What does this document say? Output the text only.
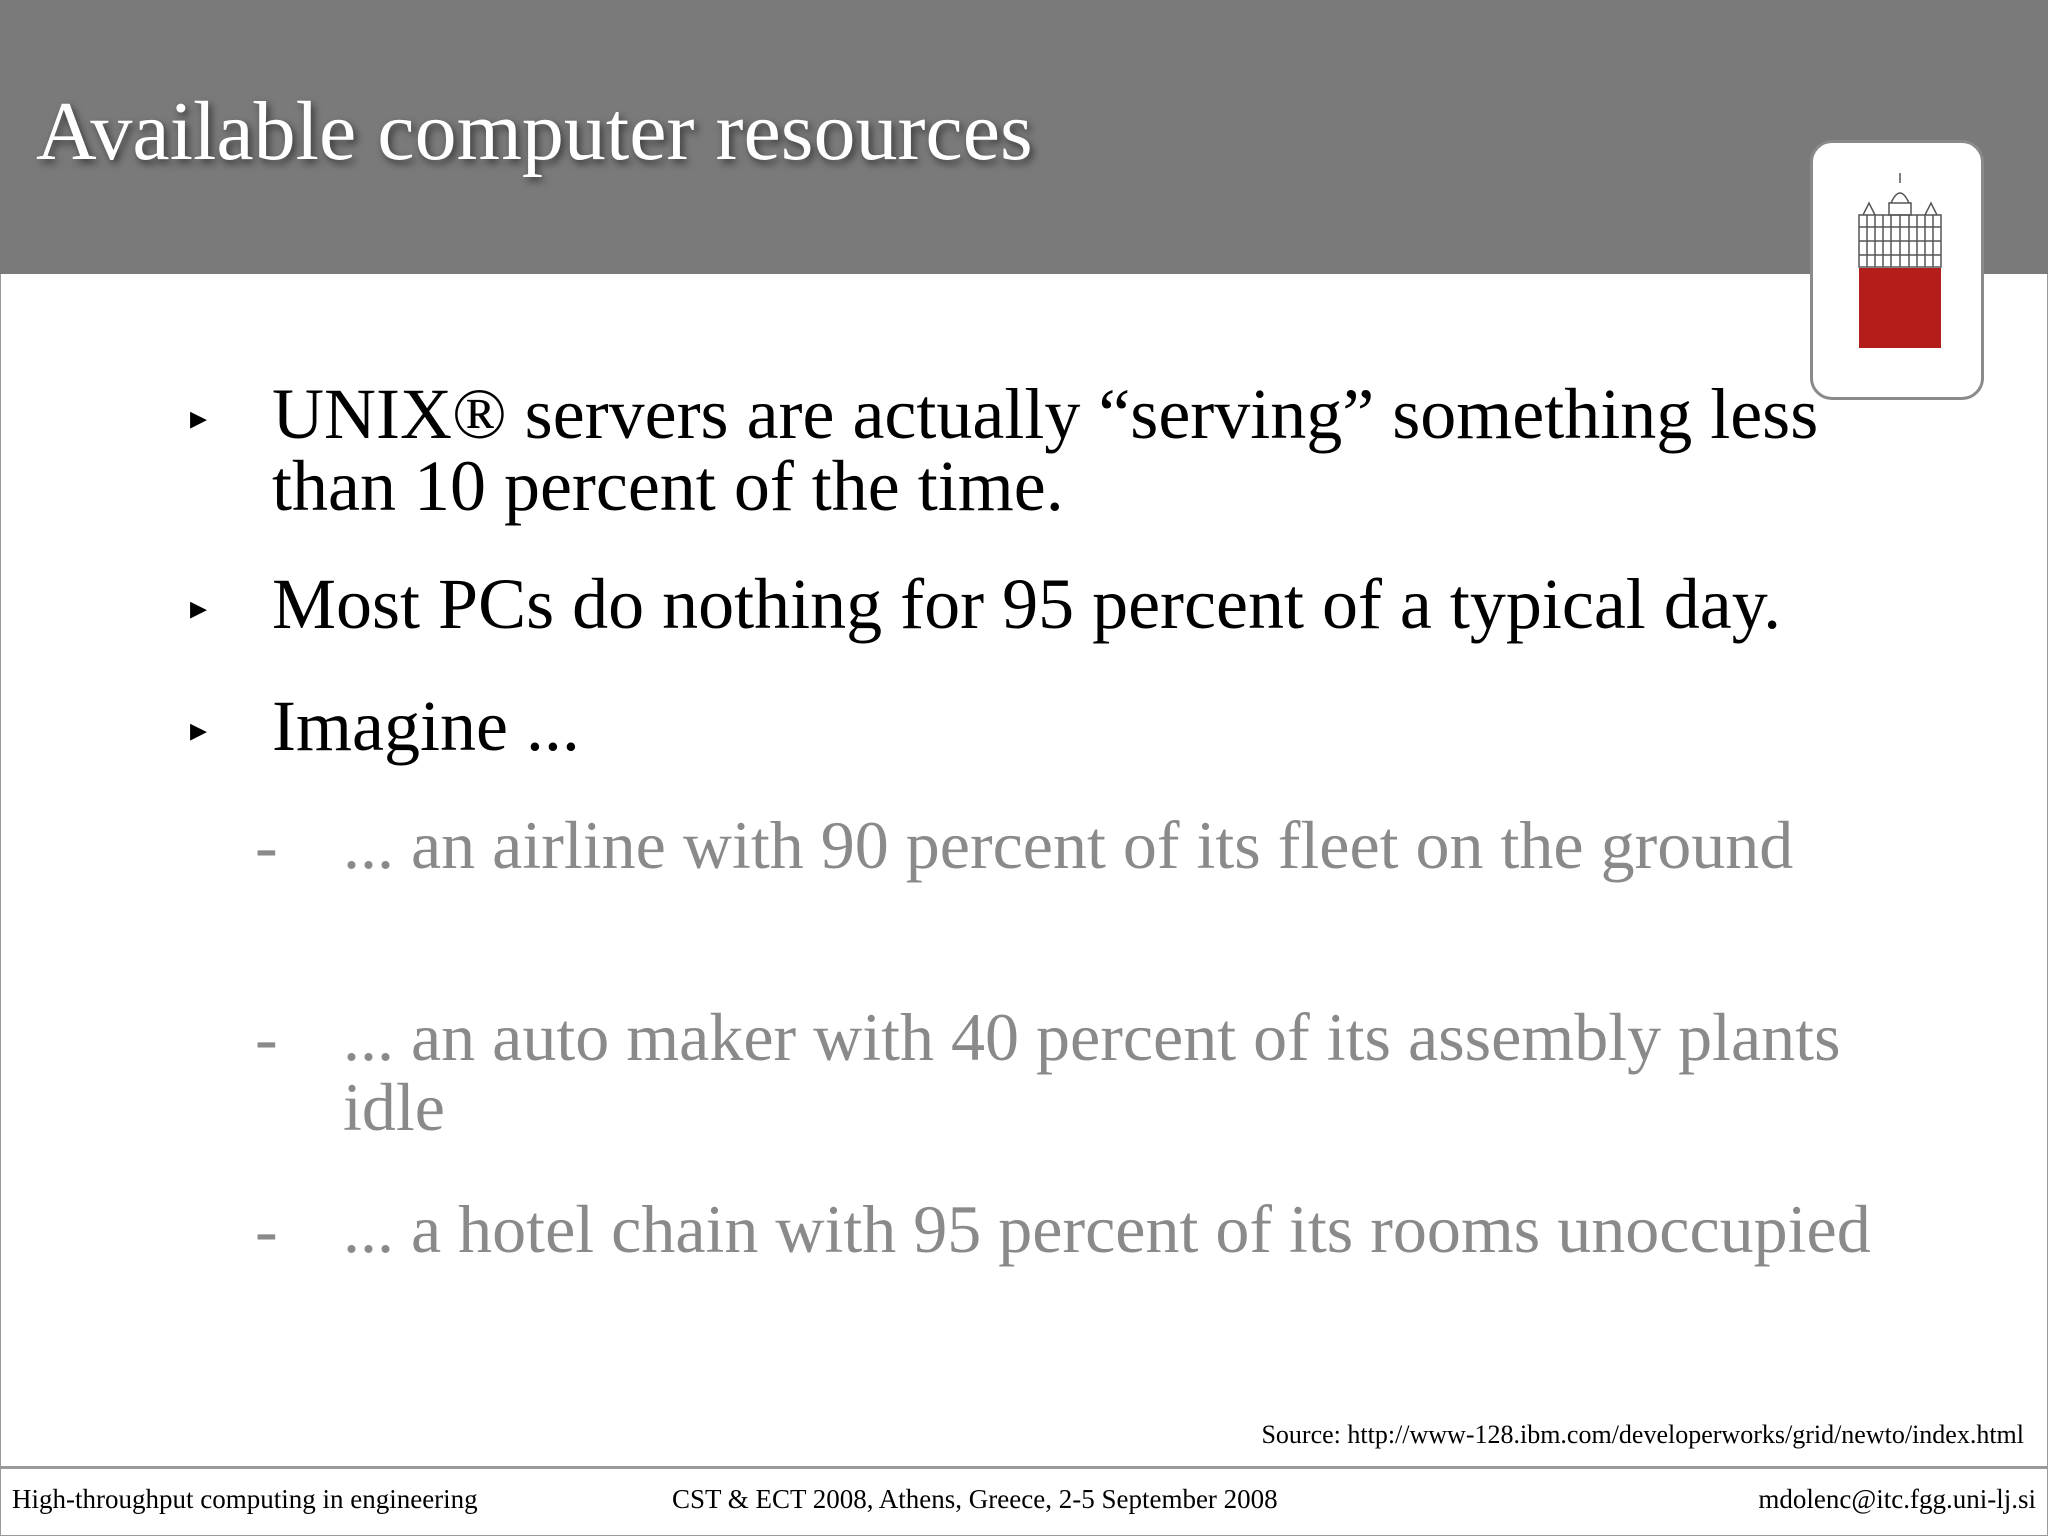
Available computer resources
▸ UNIX® servers are actually “serving” something less than 10 percent of the time.
▸ Most PCs do nothing for 95 percent of a typical day.
▸ Imagine ...
- ... an airline with 90 percent of its fleet on the ground
- ... an auto maker with 40 percent of its assembly plants idle
- ... a hotel chain with 95 percent of its rooms unoccupied
Source: http://www-128.ibm.com/developerworks/grid/newto/index.html
High-throughput computing in engineering	CST & ECT 2008, Athens, Greece, 2-5 September 2008	mdolenc@itc.fgg.uni-lj.si
